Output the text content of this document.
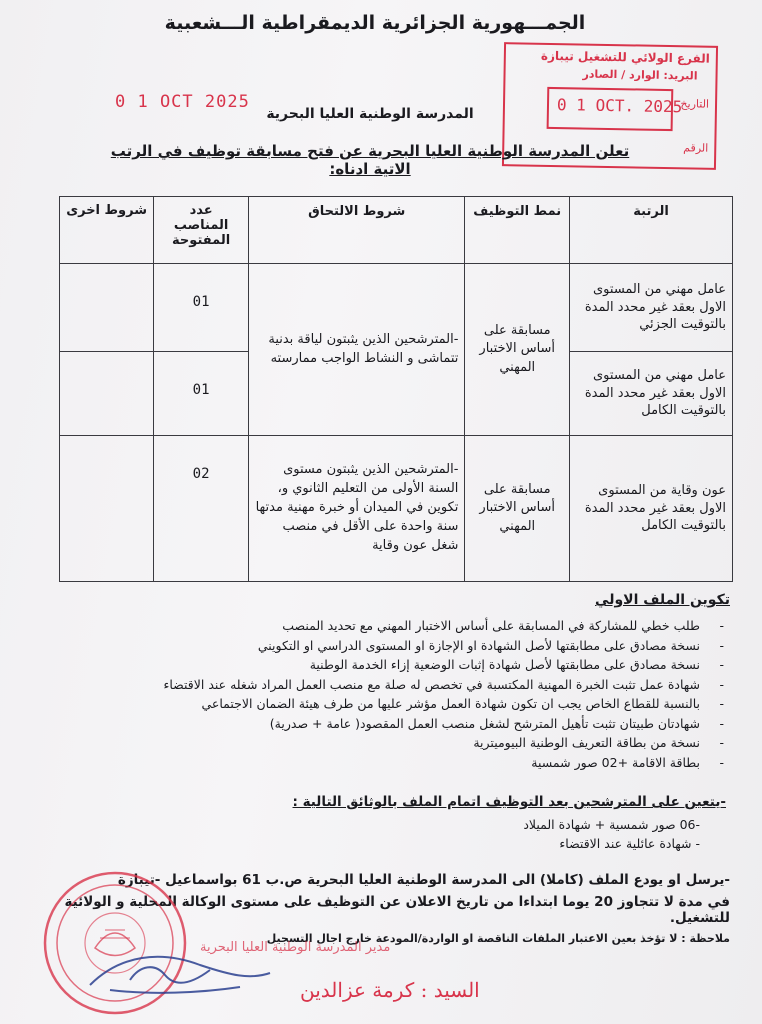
الجمـــهورية الجزائرية الديمقراطية الـــشعبية
0 1 OCT 2025
المدرسة الوطنية العليا البحرية
الفرع الولائي للتشغيل تيبازة
البريد: الوارد / الصادر
التاريخ
0 1 OCT. 2025
الرقم
تعلن المدرسة الوطنية العليا البحرية عن فتح مسابقة توظيف في الرتب الاتية ادناه:
الرتبة	نمط التوظيف	شروط الالتحاق	عدد المناصب المفتوحة	شروط اخرى
عامل مهني من المستوى الاول بعقد غير محدد المدة بالتوقيت الجزئي	مسابقة على أساس الاختبار المهني	-المترشحين الذين يثبتون لياقة بدنية تتماشى و النشاط الواجب ممارسته	01	
عامل مهني من المستوى الاول بعقد غير محدد المدة بالتوقيت الكامل			01	
عون وقاية من المستوى الاول بعقد غير محدد المدة بالتوقيت الكامل	مسابقة على أساس الاختبار المهني	-المترشحين الذين يثبتون مستوى السنة الأولى من التعليم الثانوي و، تكوين في الميدان أو خبرة مهنية مدتها سنة واحدة على الأقل في منصب شغل عون وقاية	02	
تكوين الملف الاولي
- طلب خطي للمشاركة في المسابقة على أساس الاختبار المهني مع تحديد المنصب
- نسخة مصادق على مطابقتها لأصل الشهادة او الإجازة او المستوى الدراسي او التكويني
- نسخة مصادق على مطابقتها لأصل شهادة إثبات الوضعية إزاء الخدمة الوطنية
- شهادة عمل تثبت الخبرة المهنية المكتسبة في تخصص له صلة مع منصب العمل المراد شغله عند الاقتضاء
- بالنسبة للقطاع الخاص يجب ان تكون شهادة العمل مؤشر عليها من طرف هيئة الضمان الاجتماعي
- شهادتان طبيتان تثبت تأهيل المترشح لشغل منصب العمل المقصود( عامة + صدرية)
- نسخة من بطاقة التعريف الوطنية البيوميترية
- بطاقة الاقامة +02 صور شمسية
-يتعين على المترشحين بعد التوظيف اتمام الملف بالوثائق التالية :
-06 صور شمسية + شهادة الميلاد
- شهادة عائلية عند الاقتضاء
-يرسل او يودع الملف (كاملا) الى المدرسة الوطنية العليا البحرية ص.ب 61 بواسماعيل -تيبازة
في مدة لا تتجاوز 20 يوما ابتداءا من تاريخ الاعلان عن التوظيف على مستوى الوكالة المحلية و الولائية للتشغيل.
ملاحظة : لا تؤخذ بعين الاعتبار الملفات الناقصة او الواردة/المودعة خارج اجال التسجيل
مدير المدرسة الوطنية العليا البحرية
السيد : كرمة عزالدين
